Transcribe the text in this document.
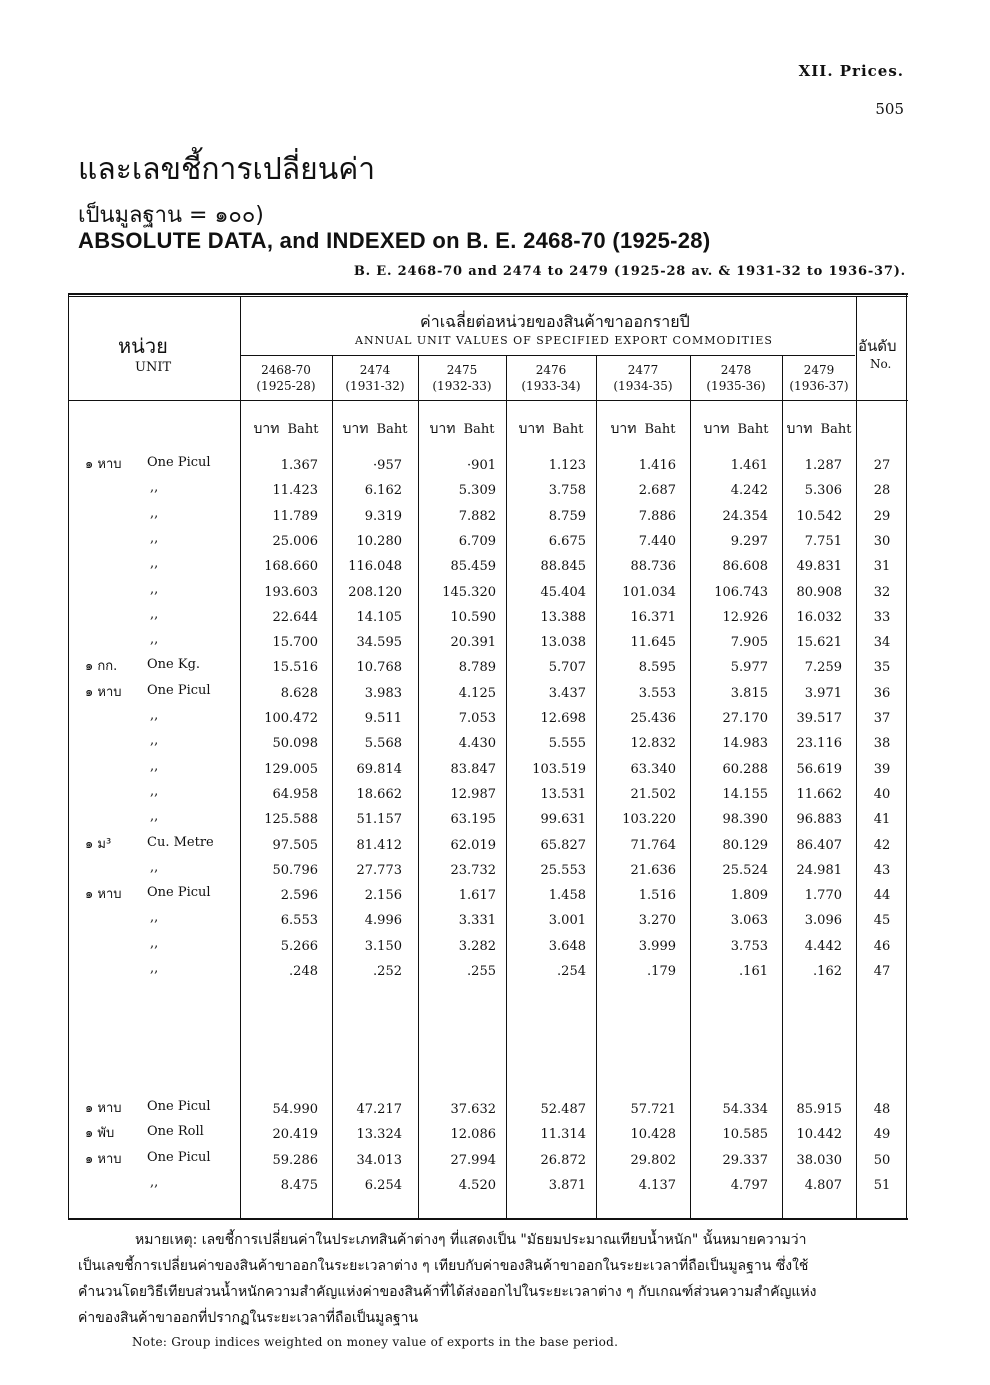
XII. Prices.
505
และเลขชี้การเปลี่ยนค่า
เป็นมูลฐาน = ๑๐๐)
ABSOLUTE DATA, and INDEXED on B. E. 2468-70 (1925-28)
B. E. 2468-70 and 2474 to 2479 (1925-28 av. & 1931-32 to 1936-37).
หน่วย
UNIT
ค่าเฉลี่ยต่อหน่วยของสินค้าขาออกรายปี
ANNUAL UNIT VALUES OF SPECIFIED EXPORT COMMODITIES	อันดับ
No.
2468-70
(1925-28)
2474
(1931-32)
2475
(1932-33)
2476
(1933-34)
2477
(1934-35)
2478
(1935-36)
2479
(1936-37)
บาท Baht	บาท Baht	บาท Baht	บาท Baht	บาท Baht	บาท Baht	บาท Baht
๑ หาบ One Picul	1.367	·957	·901	1.123	1.416	1.461	1.287	27
,,	11.423	6.162	5.309	3.758	2.687	4.242	5.306	28
,,	11.789	9.319	7.882	8.759	7.886	24.354	10.542	29
,,	25.006	10.280	6.709	6.675	7.440	9.297	7.751	30
,,	168.660	116.048	85.459	88.845	88.736	86.608	49.831	31
,,	193.603	208.120	145.320	45.404	101.034	106.743	80.908	32
,,	22.644	14.105	10.590	13.388	16.371	12.926	16.032	33
,,	15.700	34.595	20.391	13.038	11.645	7.905	15.621	34
๑ กก. One Kg.	15.516	10.768	8.789	5.707	8.595	5.977	7.259	35
๑ หาบ One Picul	8.628	3.983	4.125	3.437	3.553	3.815	3.971	36
,,	100.472	9.511	7.053	12.698	25.436	27.170	39.517	37
,,	50.098	5.568	4.430	5.555	12.832	14.983	23.116	38
,,	129.005	69.814	83.847	103.519	63.340	60.288	56.619	39
,,	64.958	18.662	12.987	13.531	21.502	14.155	11.662	40
,,	125.588	51.157	63.195	99.631	103.220	98.390	96.883	41
๑ ม³	Cu. Metre	97.505	81.412	62.019	65.827	71.764	80.129	86.407	42
,,	50.796	27.773	23.732	25.553	21.636	25.524	24.981	43
๑ หาบ One Picul	2.596	2.156	1.617	1.458	1.516	1.809	1.770	44
,,	6.553	4.996	3.331	3.001	3.270	3.063	3.096	45
,,	5.266	3.150	3.282	3.648	3.999	3.753	4.442	46
,,	.248	.252	.255	.254	.179	.161	.162	47
๑ หาบ One Picul	54.990	47.217	37.632	52.487	57.721	54.334	85.915	48
๑ พับ	One Roll	20.419	13.324	12.086	11.314	10.428	10.585	10.442	49
๑ หาบ One Picul	59.286	34.013	27.994	26.872	29.802	29.337	38.030	50
,,	8.475	6.254	4.520	3.871	4.137	4.797	4.807	51
หมายเหตุ: เลขชี้การเปลี่ยนค่าในประเภทสินค้าต่างๆ ที่แสดงเป็น "มัธยมประมาณเทียบน้ำหนัก" นั้นหมายความว่า
เป็นเลขชี้การเปลี่ยนค่าของสินค้าขาออกในระยะเวลาต่าง ๆ เทียบกับค่าของสินค้าขาออกในระยะเวลาที่ถือเป็นมูลฐาน ซึ่งใช้
คำนวนโดยวิธีเทียบส่วนน้ำหนักความสำคัญแห่งค่าของสินค้าที่ได้ส่งออกไปในระยะเวลาต่าง ๆ กับเกณฑ์ส่วนความสำคัญแห่ง
ค่าของสินค้าขาออกที่ปรากฏในระยะเวลาที่ถือเป็นมูลฐาน
Note: Group indices weighted on money value of exports in the base period.
